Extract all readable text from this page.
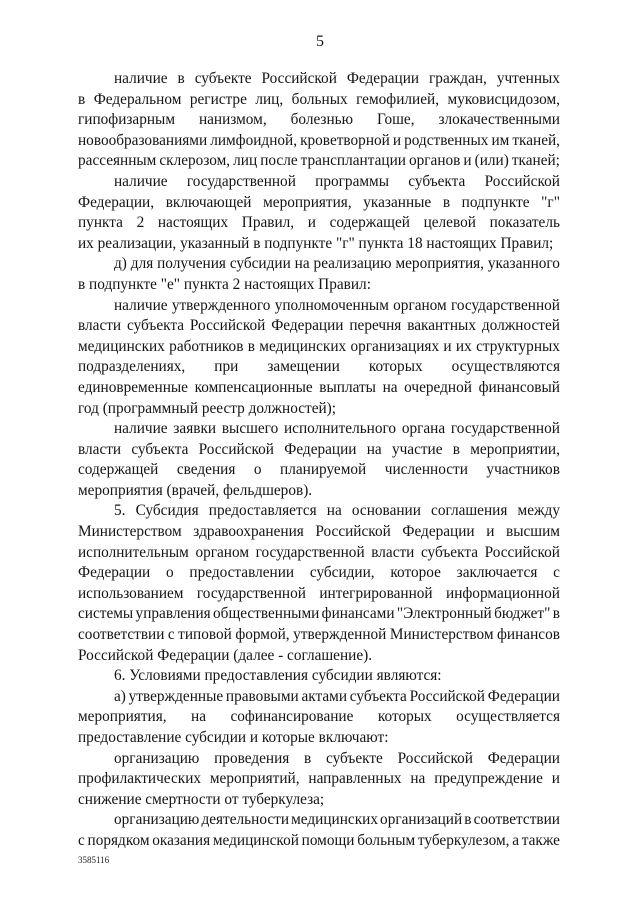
5
наличие в субъекте Российской Федерации граждан, учтенных
в Федеральном регистре лиц, больных гемофилией, муковисцидозом,
гипофизарным нанизмом, болезнью Гоше, злокачественными
новообразованиями лимфоидной, кроветворной и родственных им тканей,
рассеянным склерозом, лиц после трансплантации органов и (или) тканей;
наличие государственной программы субъекта Российской
Федерации, включающей мероприятия, указанные в подпункте "г"
пункта 2 настоящих Правил, и содержащей целевой показатель
их реализации, указанный в подпункте "г" пункта 18 настоящих Правил;
д) для получения субсидии на реализацию мероприятия, указанного
в подпункте "е" пункта 2 настоящих Правил:
наличие утвержденного уполномоченным органом государственной
власти субъекта Российской Федерации перечня вакантных должностей
медицинских работников в медицинских организациях и их структурных
подразделениях, при замещении которых осуществляются
единовременные компенсационные выплаты на очередной финансовый
год (программный реестр должностей);
наличие заявки высшего исполнительного органа государственной
власти субъекта Российской Федерации на участие в мероприятии,
содержащей сведения о планируемой численности участников
мероприятия (врачей, фельдшеров).
5. Субсидия предоставляется на основании соглашения между
Министерством здравоохранения Российской Федерации и высшим
исполнительным органом государственной власти субъекта Российской
Федерации о предоставлении субсидии, которое заключается с
использованием государственной интегрированной информационной
системы управления общественными финансами "Электронный бюджет" в
соответствии с типовой формой, утвержденной Министерством финансов
Российской Федерации (далее - соглашение).
6. Условиями предоставления субсидии являются:
а) утвержденные правовыми актами субъекта Российской Федерации
мероприятия, на софинансирование которых осуществляется
предоставление субсидии и которые включают:
организацию проведения в субъекте Российской Федерации
профилактических мероприятий, направленных на предупреждение и
снижение смертности от туберкулеза;
организацию деятельности медицинских организаций в соответствии
с порядком оказания медицинской помощи больным туберкулезом, а также
3585116
